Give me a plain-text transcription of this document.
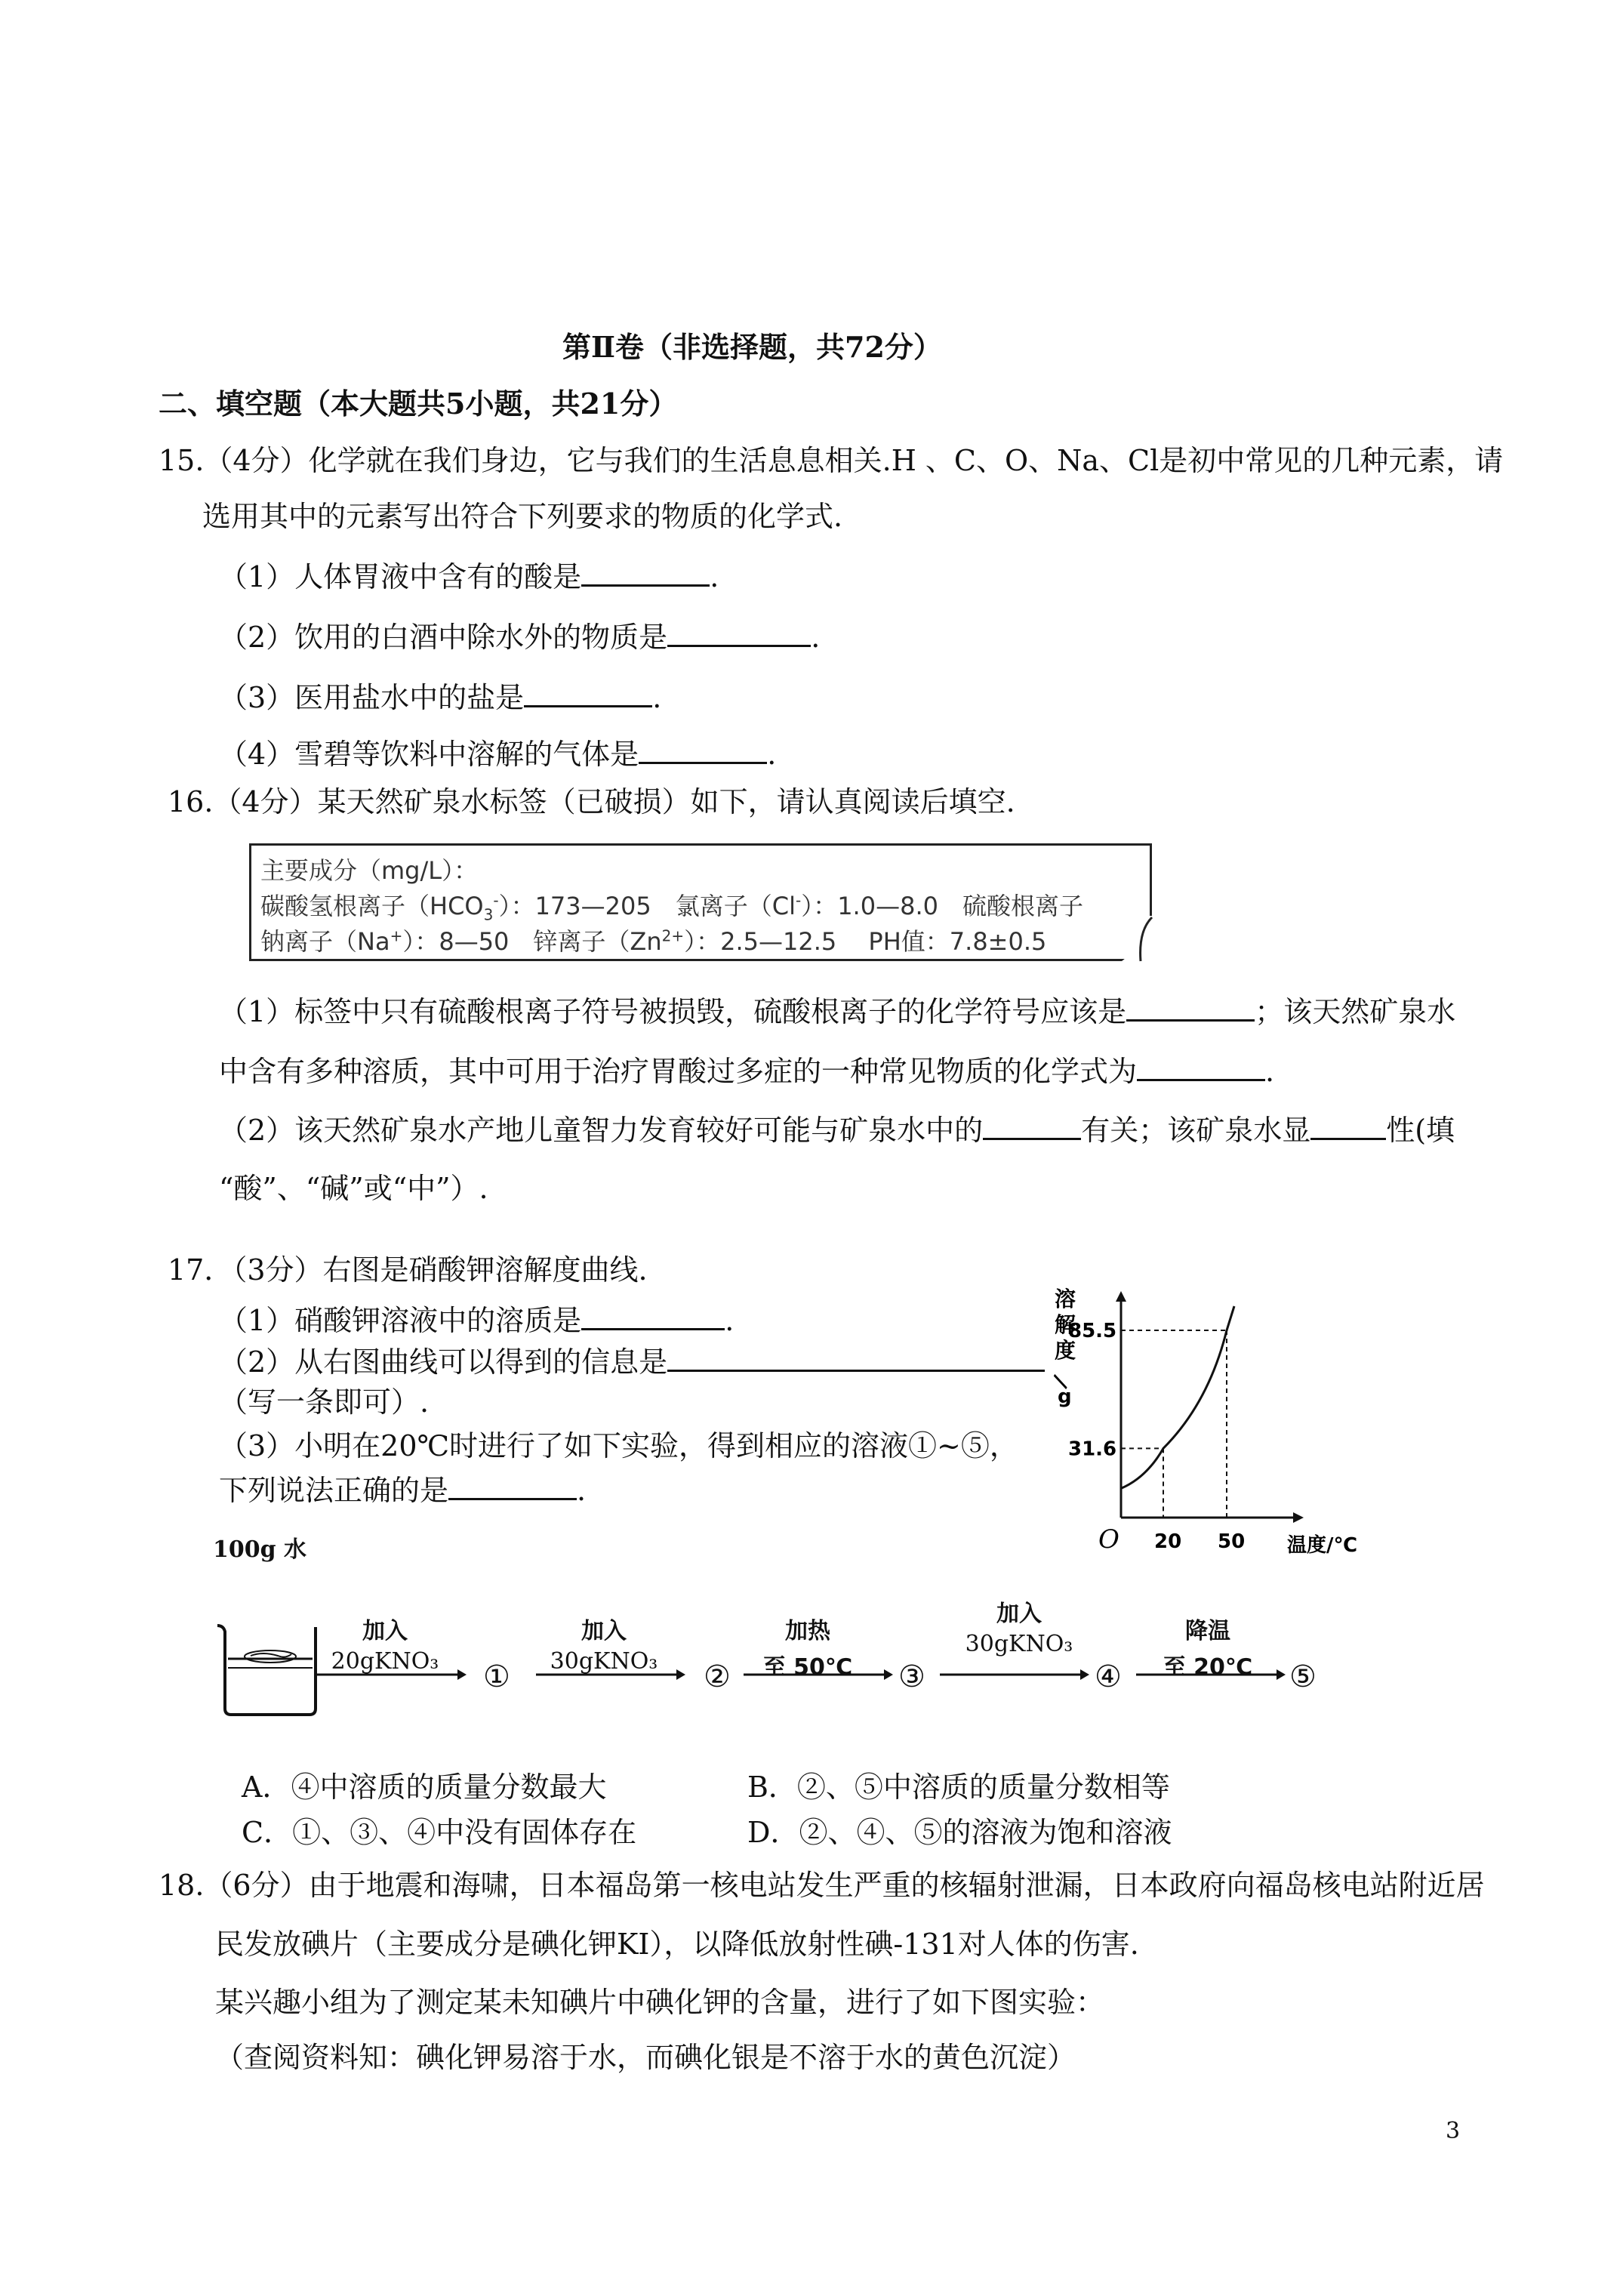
第Ⅱ卷（非选择题，共72分）
二、填空题（本大题共5小题，共21分）
15.（4分）化学就在我们身边，它与我们的生活息息相关.H 、C、O、Na、Cl是初中常见的几种元素，请
选用其中的元素写出符合下列要求的物质的化学式.
（1）人体胃液中含有的酸是	.
（2）饮用的白酒中除水外的物质是	.
（3）医用盐水中的盐是	.
（4）雪碧等饮料中溶解的气体是	.
16.（4分）某天然矿泉水标签（已破损）如下，请认真阅读后填空.
主要成分（mg/L）：
碳酸氢根离子$(HCO_3^-)$：173—205　氯离子（Cl-）：1.0—8.0　硫酸根离子
钠离子（Na+）：8—50　锌离子$(Zn^{2+})$：2.5—12.5　 PH值：7.8±0.5
（1）标签中只有硫酸根离子符号被损毁，硫酸根离子的化学符号应该是	；该天然矿泉水
中含有多种溶质，其中可用于治疗胃酸过多症的一种常见物质的化学式为	.
（2）该天然矿泉水产地儿童智力发育较好可能与矿泉水中的	有关；该矿泉水显	性(填
“酸”、“碱”或“中”）.
17．（3分）右图是硝酸钾溶解度曲线.
（1）硝酸钾溶液中的溶质是	.
（2）从右图曲线可以得到的信息是
（写一条即可）.
（3）小明在20℃时进行了如下实验，得到相应的溶液①~⑤，
下列说法正确的是	.
20 50
31.6
85.5
O	温度/℃
溶
解
度
/
g
100g 水
加入
20gKNO₃	①
加入
30gKNO₃	②
加热
至 50℃	③
加入
30gKNO₃
④
降温
至 20℃	⑤
A．④中溶质的质量分数最大	B．②、⑤中溶质的质量分数相等
C．①、③、④中没有固体存在	D．②、④、⑤的溶液为饱和溶液
18.（6分）由于地震和海啸，日本福岛第一核电站发生严重的核辐射泄漏，日本政府向福岛核电站附近居
民发放碘片（主要成分是碘化钾KI），以降低放射性碘-131对人体的伤害.
某兴趣小组为了测定某未知碘片中碘化钾的含量，进行了如下图实验：
（查阅资料知：碘化钾易溶于水，而碘化银是不溶于水的黄色沉淀）
3
